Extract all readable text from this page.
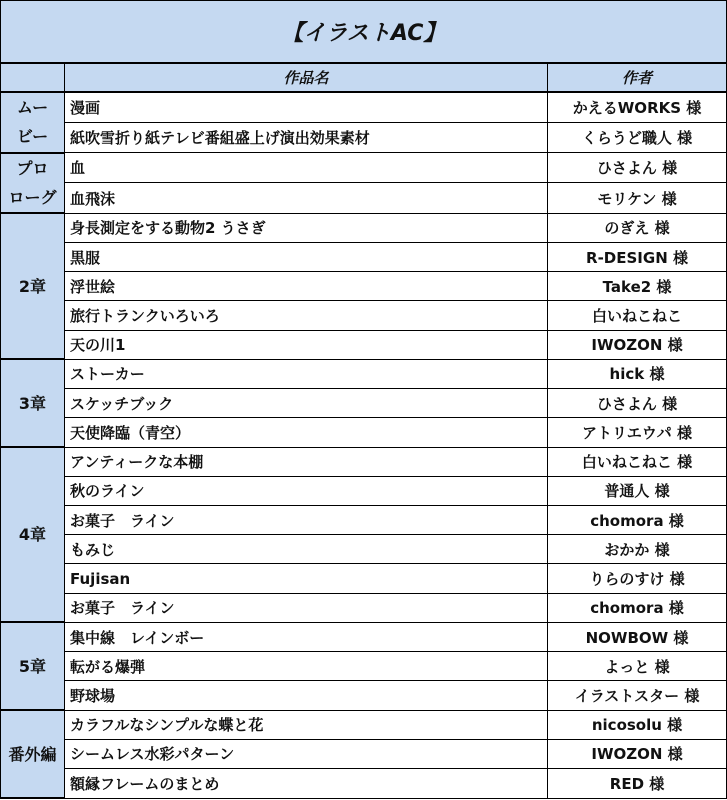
【イラストAC】		
	作品名	作者

ムー
ビー	漫画	かえるWORKS 様
	紙吹雪折り紙テレビ番組盛上げ演出効果素材	くらうど職人 様

プロ
ローグ	血	ひさよん 様
	血飛沫	モリケン 様

2章	身長測定をする動物2 うさぎ	のぎえ 様
	黒服	R-DESIGN 様
	浮世絵	Take2 様
	旅行トランクいろいろ	白いねこねこ
	天の川1	IWOZON 様

3章	ストーカー	hick 様
	スケッチブック	ひさよん 様
	天使降臨（青空）	アトリエウパ 様

4章	アンティークな本棚	白いねこねこ 様
	秋のライン	普通人 様
	お菓子　ライン	chomora 様
	もみじ	おかか 様
	Fujisan	りらのすけ 様
	お菓子　ライン	chomora 様

5章	集中線　レインボー	NOWBOW 様
	転がる爆弾	よっと 様
	野球場	イラストスター 様

番外編	カラフルなシンプルな蝶と花	nicosolu 様
	シームレス水彩パターン	IWOZON 様
	額縁フレームのまとめ	RED 様
